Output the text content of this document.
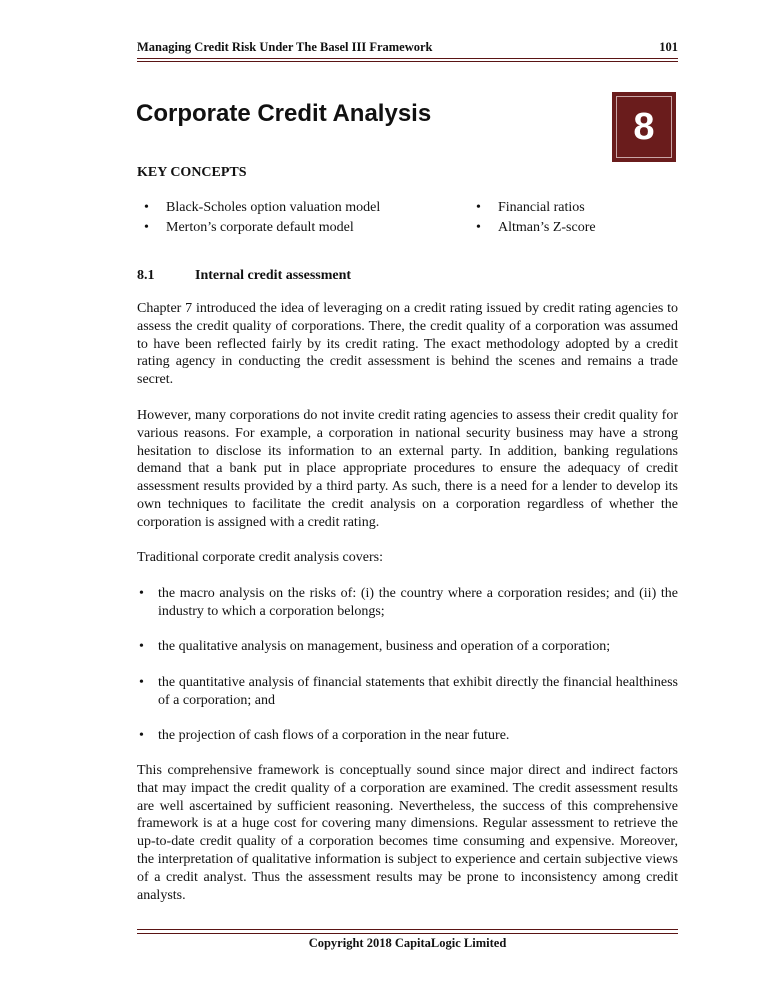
Managing Credit Risk Under The Basel III Framework	101
Corporate Credit Analysis	8
KEY CONCEPTS
• Black-Scholes option valuation model
• Merton’s corporate default model
• Financial ratios
• Altman’s Z-score
8.1	Internal credit assessment

Chapter 7 introduced the idea of leveraging on a credit rating issued by credit rating agencies to assess the credit quality of corporations. There, the credit quality of a corporation was assumed to have been reflected fairly by its credit rating. The exact methodology adopted by a credit rating agency in conducting the credit assessment is behind the scenes and remains a trade secret.

However, many corporations do not invite credit rating agencies to assess their credit quality for various reasons. For example, a corporation in national security business may have a strong hesitation to disclose its information to an external party. In addition, banking regulations demand that a bank put in place appropriate procedures to ensure the adequacy of credit assessment results provided by a third party. As such, there is a need for a lender to develop its own techniques to facilitate the credit analysis on a corporation regardless of whether the corporation is assigned with a credit rating.

Traditional corporate credit analysis covers:

• the macro analysis on the risks of: (i) the country where a corporation resides; and (ii) the industry to which a corporation belongs;
• the qualitative analysis on management, business and operation of a corporation;
• the quantitative analysis of financial statements that exhibit directly the financial healthiness of a corporation; and
• the projection of cash flows of a corporation in the near future.

This comprehensive framework is conceptually sound since major direct and indirect factors that may impact the credit quality of a corporation are examined. The credit assessment results are well ascertained by sufficient reasoning. Nevertheless, the success of this comprehensive framework is at a huge cost for covering many dimensions. Regular assessment to retrieve the up-to-date credit quality of a corporation becomes time consuming and expensive. Moreover, the interpretation of qualitative information is subject to experience and certain subjective views of a credit analyst. Thus the assessment results may be prone to inconsistency among credit analysts.

Copyright 2018 CapitaLogic Limited
